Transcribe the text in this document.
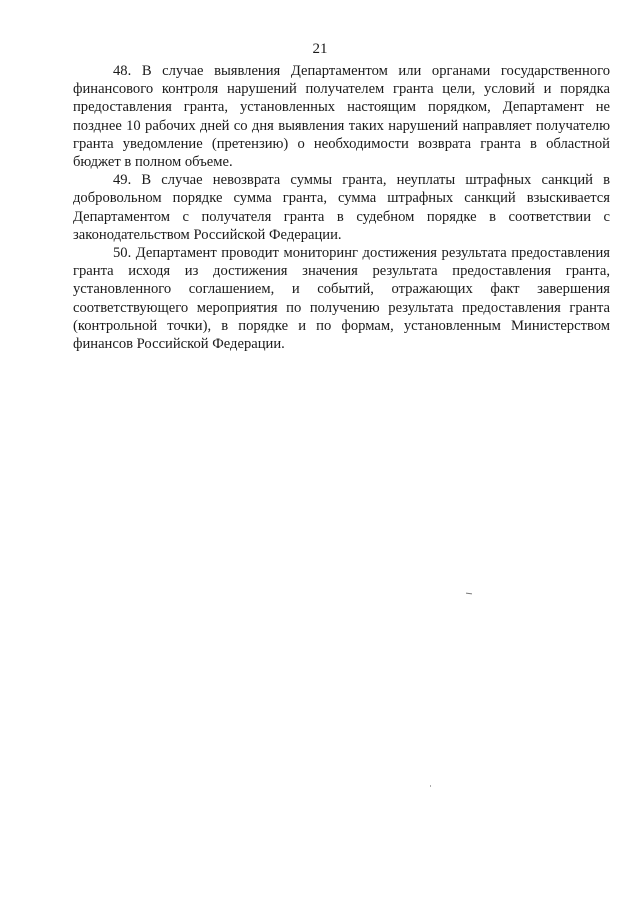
21

48. В случае выявления Департаментом или органами государственного финансового контроля нарушений получателем гранта цели, условий и порядка предоставления гранта, установленных настоящим порядком, Департамент не позднее 10 рабочих дней со дня выявления таких нарушений направляет получателю гранта уведомление (претензию) о необходимости возврата гранта в областной бюджет в полном объеме.

49. В случае невозврата суммы гранта, неуплаты штрафных санкций в добровольном порядке сумма гранта, сумма штрафных санкций взыскивается Департаментом с получателя гранта в судебном порядке в соответствии с законодательством Российской Федерации.

50. Департамент проводит мониторинг достижения результата предоставления гранта исходя из достижения значения результата предоставления гранта, установленного соглашением, и событий, отражающих факт завершения соответствующего мероприятия по получению результата предоставления гранта (контрольной точки), в порядке и по формам, установленным Министерством финансов Российской Федерации.
